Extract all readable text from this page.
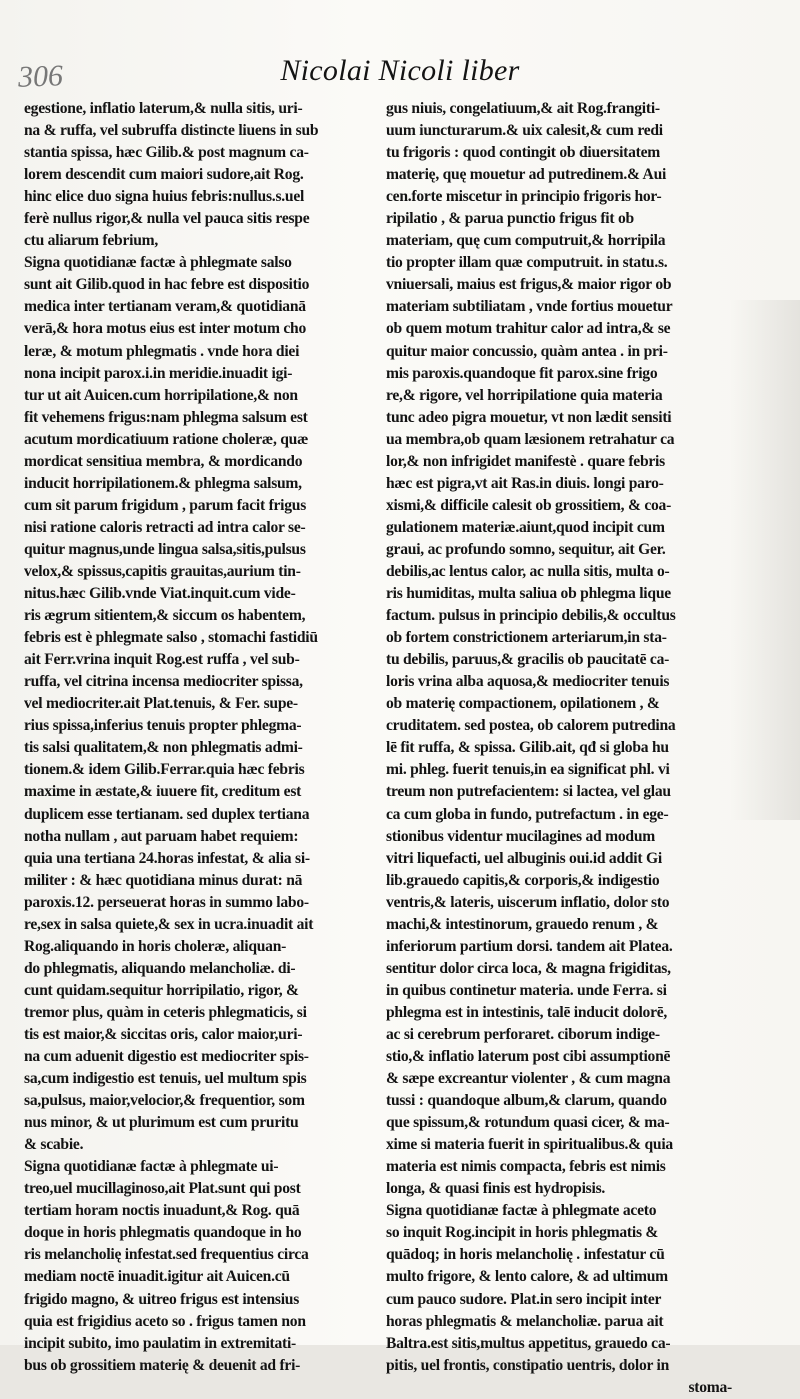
306	Nicolai Nicoli liber
egestione, inflatio laterum,& nulla sitis, uri-
na & ruffa, vel subruffa distincte liuens in sub
stantia spissa, hæc Gilib.& post magnum ca-
lorem descendit cum maiori sudore,ait Rog.
hinc elice duo signa huius febris:nullus.s.uel
ferè nullus rigor,& nulla vel pauca sitis respe
ctu aliarum febrium,
Signa quotidianæ factæ à phlegmate salso
sunt ait Gilib.quod in hac febre est dispositio
medica inter tertianam veram,& quotidianā
verā,& hora motus eius est inter motum cho
leræ, & motum phlegmatis . vnde hora diei
nona incipit parox.i.in meridie.inuadit igi-
tur ut ait Auicen.cum horripilatione,& non
fit vehemens frigus:nam phlegma salsum est
acutum mordicatiuum ratione choleræ, quæ
mordicat sensitiua membra, & mordicando
inducit horripilationem.& phlegma salsum,
cum sit parum frigidum , parum facit frigus
nisi ratione caloris retracti ad intra calor se-
quitur magnus,unde lingua salsa,sitis,pulsus
velox,& spissus,capitis grauitas,aurium tin-
nitus.hæc Gilib.vnde Viat.inquit.cum vide-
ris ægrum sitientem,& siccum os habentem,
febris est è phlegmate salso , stomachi fastidiū
ait Ferr.vrina inquit Rog.est ruffa , vel sub-
ruffa, vel citrina incensa mediocriter spissa,
vel mediocriter.ait Plat.tenuis, & Fer. supe-
rius spissa,inferius tenuis propter phlegma-
tis salsi qualitatem,& non phlegmatis admi-
tionem.& idem Gilib.Ferrar.quia hæc febris
maxime in æstate,& iuuere fit, creditum est
duplicem esse tertianam. sed duplex tertiana
notha nullam , aut paruam habet requiem:
quia una tertiana 24.horas infestat, & alia si-
militer : & hæc quotidiana minus durat: nā
paroxis.12. perseuerat horas in summo labo-
re,sex in salsa quiete,& sex in ucra.inuadit ait
Rog.aliquando in horis choleræ, aliquan-
do phlegmatis, aliquando melancholiæ. di-
cunt quidam.sequitur horripilatio, rigor, &
tremor plus, quàm in ceteris phlegmaticis, si
tis est maior,& siccitas oris, calor maior,uri-
na cum aduenit digestio est mediocriter spis-
sa,cum indigestio est tenuis, uel multum spis
sa,pulsus, maior,velocior,& frequentior, som
nus minor, & ut plurimum est cum pruritu
& scabie.
Signa quotidianæ factæ à phlegmate ui-
treo,uel mucillaginoso,ait Plat.sunt qui post
tertiam horam noctis inuadunt,& Rog. quā
doque in horis phlegmatis quandoque in ho
ris melancholię infestat.sed frequentius circa
mediam noctē inuadit.igitur ait Auicen.cū
frigido magno, & uitreo frigus est intensius
quia est frigidius aceto so . frigus tamen non
incipit subito, imo paulatim in extremitati-
bus ob grossitiem materię & deuenit ad fri-
gus niuis, congelatiuum,& ait Rog.frangiti-
uum iuncturarum.& uix calesit,& cum redi
tu frigoris : quod contingit ob diuersitatem
materię, quę mouetur ad putredinem.& Aui
cen.forte miscetur in principio frigoris hor-
ripilatio , & parua punctio frigus fit ob
materiam, quę cum computruit,& horripila
tio propter illam quæ computruit. in statu.s.
vniuersali, maius est frigus,& maior rigor ob
materiam subtiliatam , vnde fortius mouetur
ob quem motum trahitur calor ad intra,& se
quitur maior concussio, quàm antea . in pri-
mis paroxis.quandoque fit parox.sine frigo
re,& rigore, vel horripilatione quia materia
tunc adeo pigra mouetur, vt non lædit sensiti
ua membra,ob quam læsionem retrahatur ca
lor,& non infrigidet manifestè . quare febris
hæc est pigra,vt ait Ras.in diuis. longi paro-
xismi,& difficile calesit ob grossitiem, & coa-
gulationem materiæ.aiunt,quod incipit cum
graui, ac profundo somno, sequitur, ait Ger.
debilis,ac lentus calor, ac nulla sitis, multa o-
ris humiditas, multa saliua ob phlegma lique
factum. pulsus in principio debilis,& occultus
ob fortem constrictionem arteriarum,in sta-
tu debilis, paruus,& gracilis ob paucitatē ca-
loris vrina alba aquosa,& mediocriter tenuis
ob materię compactionem, opilationem , &
cruditatem. sed postea, ob calorem putredina
lē fit ruffa, & spissa. Gilib.ait, qđ si globa hu
mi. phleg. fuerit tenuis,in ea significat phl. vi
treum non putrefacientem: si lactea, vel glau
ca cum globa in fundo, putrefactum . in ege-
stionibus videntur mucilagines ad modum
vitri liquefacti, uel albuginis oui.id addit Gi
lib.grauedo capitis,& corporis,& indigestio
ventris,& lateris, uiscerum inflatio, dolor sto
machi,& intestinorum, grauedo renum , &
inferiorum partium dorsi. tandem ait Platea.
sentitur dolor circa loca, & magna frigiditas,
in quibus continetur materia. unde Ferra. si
phlegma est in intestinis, talē inducit dolorē,
ac si cerebrum perforaret. ciborum indige-
stio,& inflatio laterum post cibi assumptionē
& sæpe excreantur violenter , & cum magna
tussi : quandoque album,& clarum, quando
que spissum,& rotundum quasi cicer, & ma-
xime si materia fuerit in spiritualibus.& quia
materia est nimis compacta, febris est nimis
longa, & quasi finis est hydropisis.
Signa quotidianæ factæ à phlegmate aceto
so inquit Rog.incipit in horis phlegmatis &
quādoq; in horis melancholię . infestatur cū
multo frigore, & lento calore, & ad ultimum
cum pauco sudore. Plat.in sero incipit inter
horas phlegmatis & melancholiæ. parua ait
Baltra.est sitis,multus appetitus, grauedo ca-
pitis, uel frontis, constipatio uentris, dolor in
stoma-
